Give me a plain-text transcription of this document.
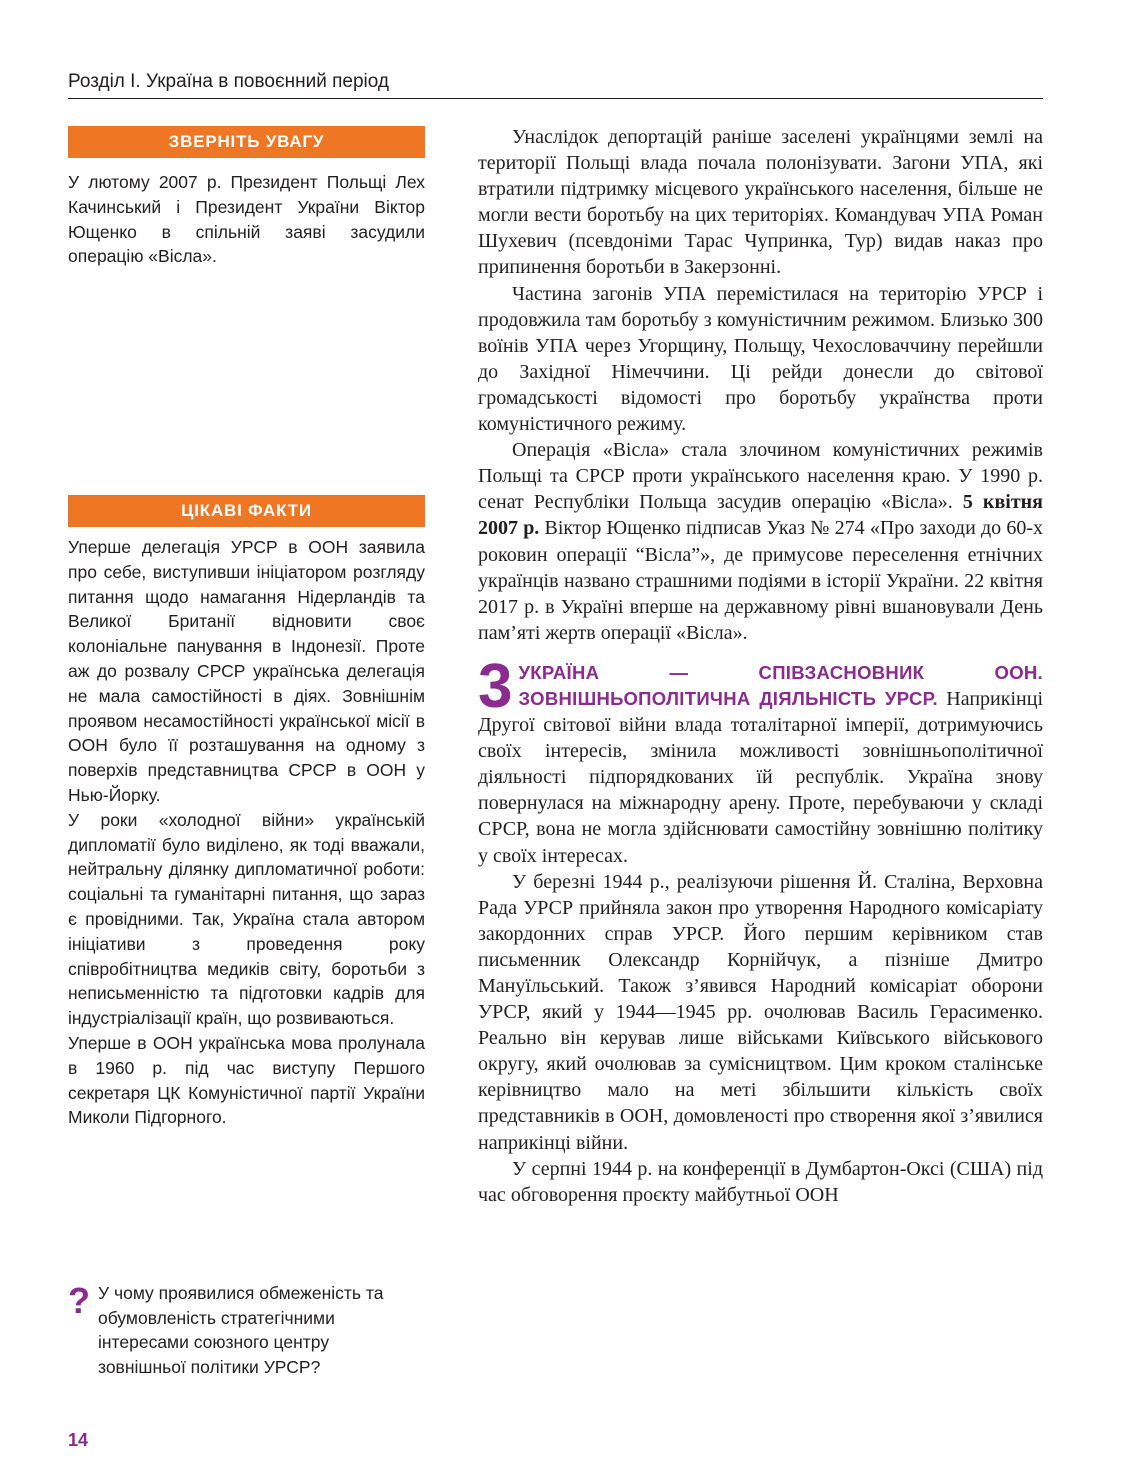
Розділ І. Україна в повоєнний період
ЗВЕРНІТЬ УВАГУ

У лютому 2007 р. Президент Польщі Лех Качинський і Президент України Віктор Ющенко в спільній заяві засудили операцію «Вісла».

ЦІКАВІ ФАКТИ

Уперше делегація УРСР в ООН заявила про себе, виступивши ініціатором розгляду питання щодо намагання Нідерландів та Великої Британії відновити своє колоніальне панування в Індонезії. Проте аж до розвалу СРСР українська делегація не мала самостійності в діях. Зовнішнім проявом несамостійності української місії в ООН було її розташування на одному з поверхів представництва СРСР в ООН у Нью-Йорку.

У роки «холодної війни» українській дипломатії було виділено, як тоді вважали, нейтральну ділянку дипломатичної роботи: соціальні та гуманітарні питання, що зараз є провідними. Так, Україна стала автором ініціативи з проведення року співробітництва медиків світу, боротьби з неписьменністю та підготовки кадрів для індустріалізації країн, що розвиваються.

Уперше в ООН українська мова пролунала в 1960 р. під час виступу Першого секретаря ЦК Комуністичної партії України Миколи Підгорного.

? У чому проявилися обмеженість та обумовленість стратегічними інтересами союзного центру зовнішньої політики УРСР?
14

Унаслідок депортацій раніше заселені українцями землі на території Польщі влада почала полонізувати. Загони УПА, які втратили підтримку місцевого українського населення, більше не могли вести боротьбу на цих територіях. Командувач УПА Роман Шухевич (псевдоніми Тарас Чупринка, Тур) видав наказ про припинення боротьби в Закерзонні.

Частина загонів УПА перемістилася на територію УРСР і продовжила там боротьбу з комуністичним режимом. Близько 300 воїнів УПА через Угорщину, Польщу, Чехословаччину перейшли до Західної Німеччини. Ці рейди донесли до світової громадськості відомості про боротьбу українства проти комуністичного режиму.

Операція «Вісла» стала злочином комуністичних режимів Польщі та СРСР проти українського населення краю. У 1990 р. сенат Республіки Польща засудив операцію «Вісла». 5 квітня 2007 р. Віктор Ющенко підписав Указ № 274 «Про заходи до 60-х роковин операції “Вісла”», де примусове переселення етнічних українців названо страшними подіями в історії України. 22 квітня 2017 р. в Україні вперше на державному рівні вшановували День пам’яті жертв операції «Вісла».

3 УКРАЇНА — СПІВЗАСНОВНИК ООН. ЗОВНІШНЬОПОЛІТИЧНА ДІЯЛЬНІСТЬ УРСР. Наприкінці Другої світової війни влада тоталітарної імперії, дотримуючись своїх інтересів, змінила можливості зовнішньополітичної діяльності підпорядкованих їй республік. Україна знову повернулася на міжнародну арену. Проте, перебуваючи у складі СРСР, вона не могла здійснювати самостійну зовнішню політику у своїх інтересах.

У березні 1944 р., реалізуючи рішення Й. Сталіна, Верховна Рада УРСР прийняла закон про утворення Народного комісаріату закордонних справ УРСР. Його першим керівником став письменник Олександр Корнійчук, а пізніше Дмитро Мануїльський. Також з’явився Народний комісаріат оборони УРСР, який у 1944—1945 рр. очолював Василь Герасименко. Реально він керував лише військами Київського військового округу, який очолював за сумісництвом. Цим кроком сталінське керівництво мало на меті збільшити кількість своїх представників в ООН, домовленості про створення якої з’явилися наприкінці війни.

У серпні 1944 р. на конференції в Думбартон-Оксі (США) під час обговорення проєкту майбутньої ООН
